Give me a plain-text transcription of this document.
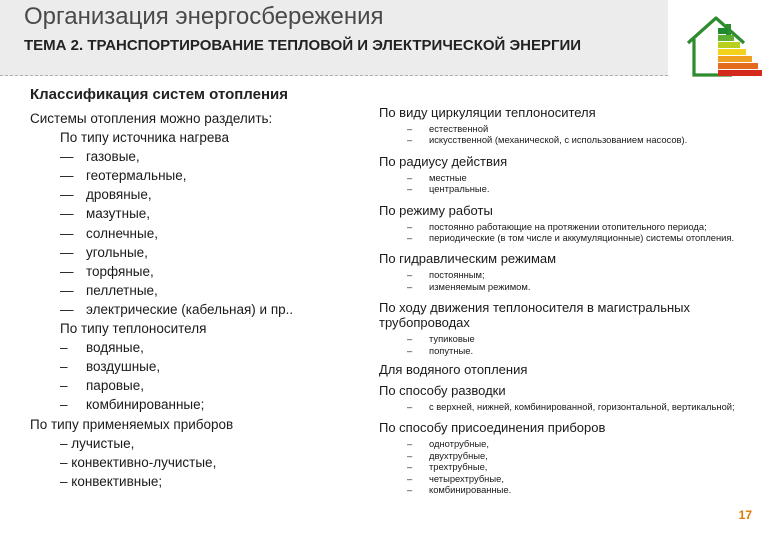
Организация энергосбережения
ТЕМА 2. ТРАНСПОРТИРОВАНИЕ ТЕПЛОВОЙ И ЭЛЕКТРИЧЕСКОЙ ЭНЕРГИИ
Классификация систем отопления
Системы отопления можно разделить:
По типу источника нагрева
— газовые,
— геотермальные,
— дровяные,
— мазутные,
— солнечные,
— угольные,
— торфяные,
— пеллетные,
— электрические (кабельная) и пр..
По типу теплоносителя
– водяные,
– воздушные,
– паровые,
– комбинированные;
По типу применяемых приборов
– лучистые,
– конвективно-лучистые,
– конвективные;
По виду циркуляции теплоносителя
– естественной
– искусственной (механической, с использованием насосов).
По радиусу действия
– местные
– центральные.
По режиму работы
– постоянно работающие на протяжении отопительного периода;
– периодические (в том числе и аккумуляционные) системы отопления.
По гидравлическим режимам
– постоянным;
– изменяемым режимом.
По ходу движения теплоносителя в магистральных трубопроводах
– тупиковые
– попутные.
Для водяного отопления
По способу разводки
– с верхней, нижней, комбинированной, горизонтальной, вертикальной;
По способу присоединения приборов
– однотрубные,
– двухтрубные,
– трехтрубные,
– четырехтрубные,
– комбинированные.
17
